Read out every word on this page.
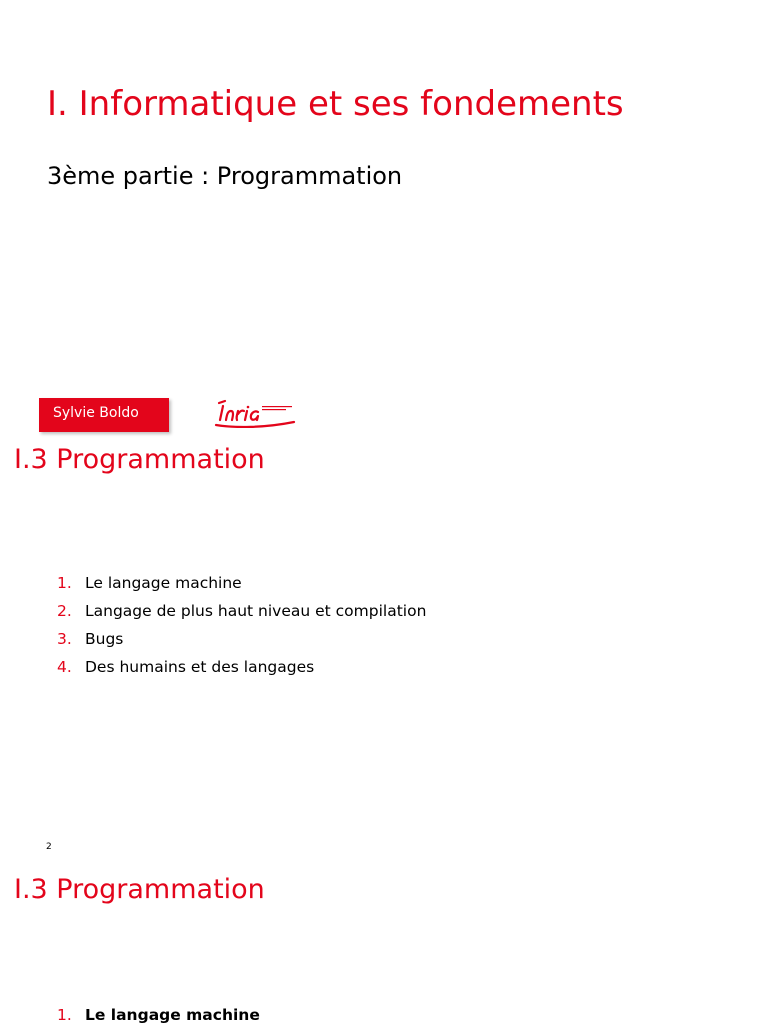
I. Informatique et ses fondements
3ème partie : Programmation
Sylvie Boldo
I.3 Programmation
1. Le langage machine
2. Langage de plus haut niveau et compilation
3. Bugs
4. Des humains et des langages
2
I.3 Programmation
1. Le langage machine
